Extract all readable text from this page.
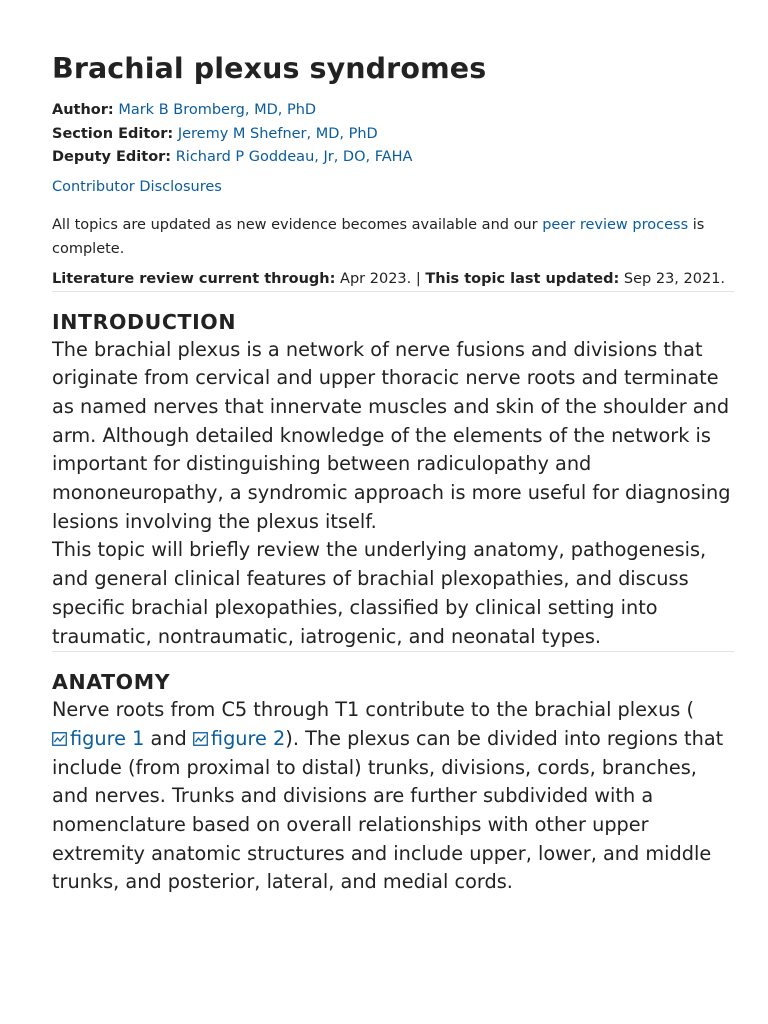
Brachial plexus syndromes
Author: Mark B Bromberg, MD, PhD
Section Editor: Jeremy M Shefner, MD, PhD
Deputy Editor: Richard P Goddeau, Jr, DO, FAHA
Contributor Disclosures
All topics are updated as new evidence becomes available and our peer review process is complete.
Literature review current through: Apr 2023. | This topic last updated: Sep 23, 2021.
INTRODUCTION

The brachial plexus is a network of nerve fusions and divisions that originate from cervical and upper thoracic nerve roots and terminate as named nerves that innervate muscles and skin of the shoulder and arm. Although detailed knowledge of the elements of the network is important for distinguishing between radiculopathy and mononeuropathy, a syndromic approach is more useful for diagnosing lesions involving the plexus itself.

This topic will briefly review the underlying anatomy, pathogenesis, and general clinical features of brachial plexopathies, and discuss specific brachial plexopathies, classified by clinical setting into traumatic, nontraumatic, iatrogenic, and neonatal types.

ANATOMY

Nerve roots from C5 through T1 contribute to the brachial plexus (figure 1 and figure 2). The plexus can be divided into regions that include (from proximal to distal) trunks, divisions, cords, branches, and nerves. Trunks and divisions are further subdivided with a nomenclature based on overall relationships with other upper extremity anatomic structures and include upper, lower, and middle trunks, and posterior, lateral, and medial cords.
